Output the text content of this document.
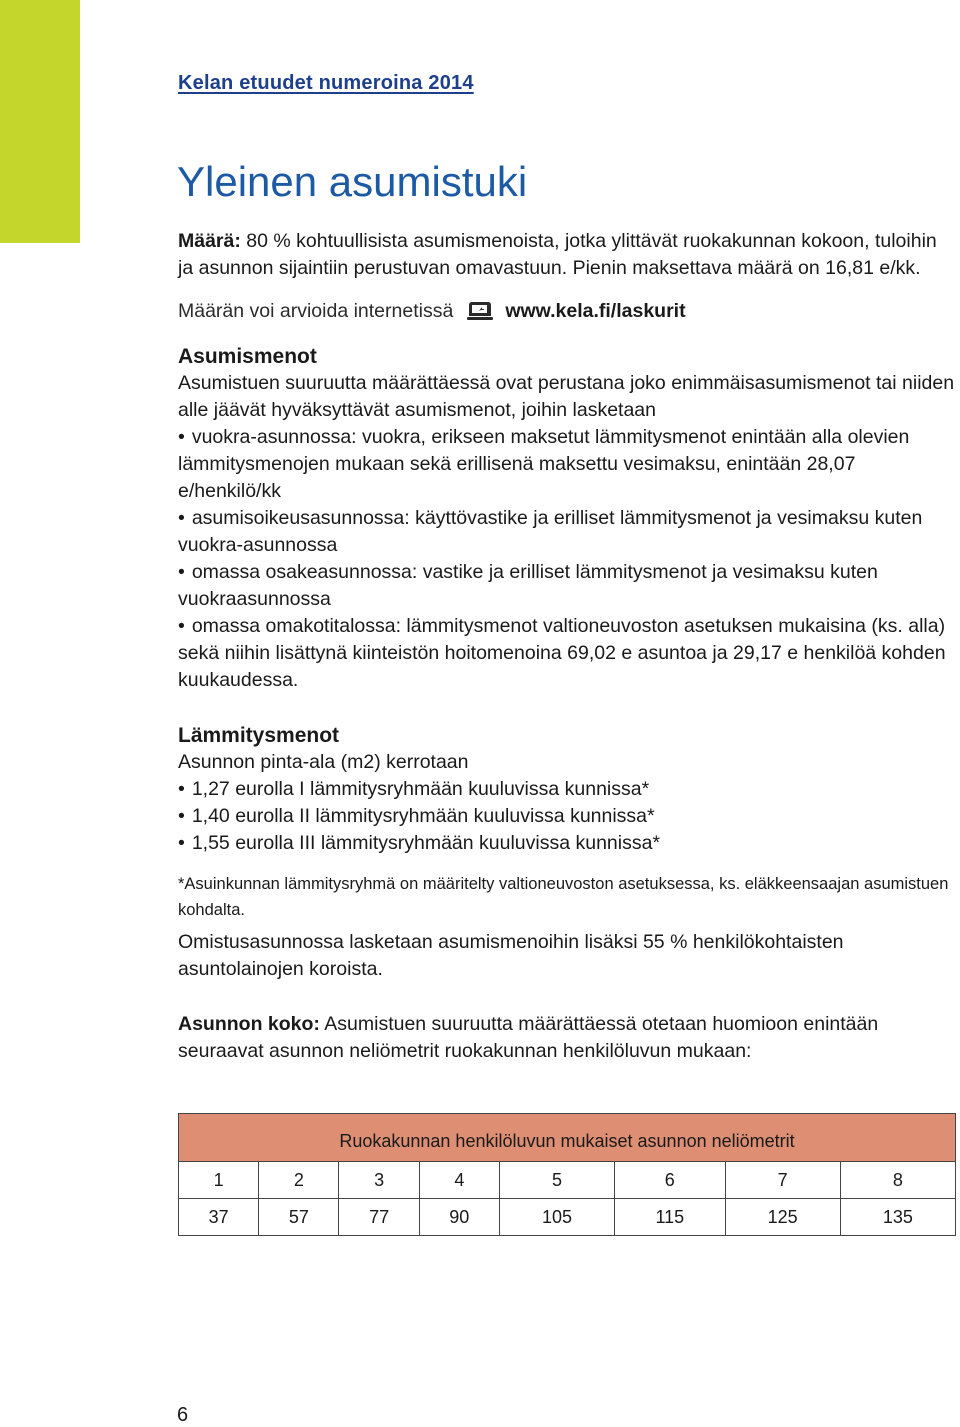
Kelan etuudet numeroina 2014
Yleinen asumistuki

Määrä: 80 % kohtuullisista asumismenoista, jotka ylittävät ruokakunnan kokoon, tuloihin ja asunnon sijaintiin perustuvan omavastuun. Pienin maksettava määrä on 16,81 e/kk.

Määrän voi arvioida internetissä	www.kela.fi/laskurit

Asumismenot

Asumistuen suuruutta määrättäessä ovat perustana joko enimmäisasumismenot tai niiden alle jäävät hyväksyttävät asumismenot, joihin lasketaan

• vuokra-asunnossa: vuokra, erikseen maksetut lämmitysmenot enintään alla olevien lämmitysmenojen mukaan sekä erillisenä maksettu vesimaksu, enintään 28,07 e/henkilö/kk
• asumisoikeusasunnossa: käyttövastike ja erilliset lämmitysmenot ja vesimaksu kuten vuokra-asunnossa
• omassa osakeasunnossa: vastike ja erilliset lämmitysmenot ja vesimaksu kuten vuokraasunnossa
• omassa omakotitalossa: lämmitysmenot valtioneuvoston asetuksen mukaisina (ks. alla)

sekä niihin lisättynä kiinteistön hoitomenoina 69,02 e asuntoa ja 29,17 e henkilöä kohden kuukaudessa.

Lämmitysmenot

Asunnon pinta-ala (m2) kerrotaan

• 1,27 eurolla I lämmitysryhmään kuuluvissa kunnissa*
• 1,40 eurolla II lämmitysryhmään kuuluvissa kunnissa*
• 1,55 eurolla III lämmitysryhmään kuuluvissa kunnissa*

*Asuinkunnan lämmitysryhmä on määritelty valtioneuvoston asetuksessa, ks. eläkkeensaajan asumistuen kohdalta.

Omistusasunnossa lasketaan asumismenoihin lisäksi 55 % henkilökohtaisten asuntolainojen koroista.

Asunnon koko: Asumistuen suuruutta määrättäessä otetaan huomioon enintään seuraavat asunnon neliömetrit ruokakunnan henkilöluvun mukaan:

Ruokakunnan henkilöluvun mukaiset asunnon neliömetrit							
1	2	3	4	5	6	7	8
37	57	77	90	105	115	125	135
6
